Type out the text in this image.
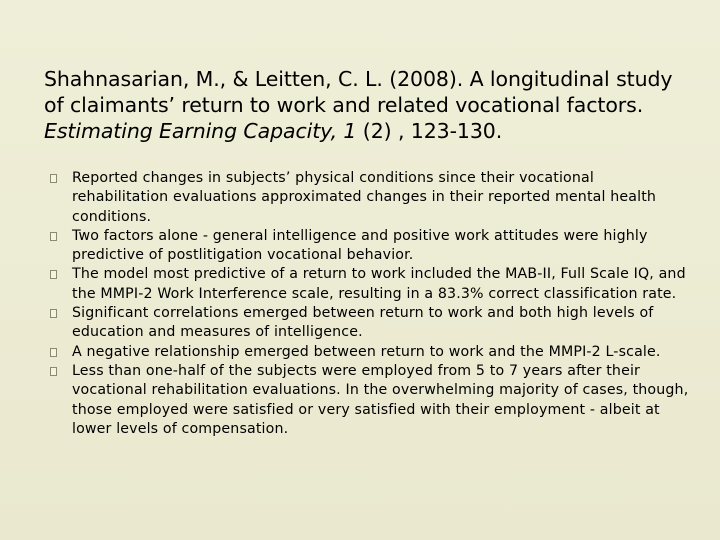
Shahnasarian, M., & Leitten, C. L. (2008). A longitudinal study of claimants’ return to work and related vocational factors. Estimating Earning Capacity, 1 (2) , 123-130.
Reported changes in subjects’ physical conditions since their vocational rehabilitation evaluations approximated changes in their reported mental health conditions.
Two factors alone - general intelligence and positive work attitudes were highly predictive of postlitigation vocational behavior.
The model most predictive of a return to work included the MAB-II, Full Scale IQ, and the MMPI-2 Work Interference scale, resulting in a 83.3% correct classification rate.
Significant correlations emerged between return to work and both high levels of education and measures of intelligence.
A negative relationship emerged between return to work and the MMPI-2 L-scale.
Less than one-half of the subjects were employed from 5 to 7 years after their vocational rehabilitation evaluations. In the overwhelming majority of cases, though, those employed were satisfied or very satisfied with their employment - albeit at lower levels of compensation.
